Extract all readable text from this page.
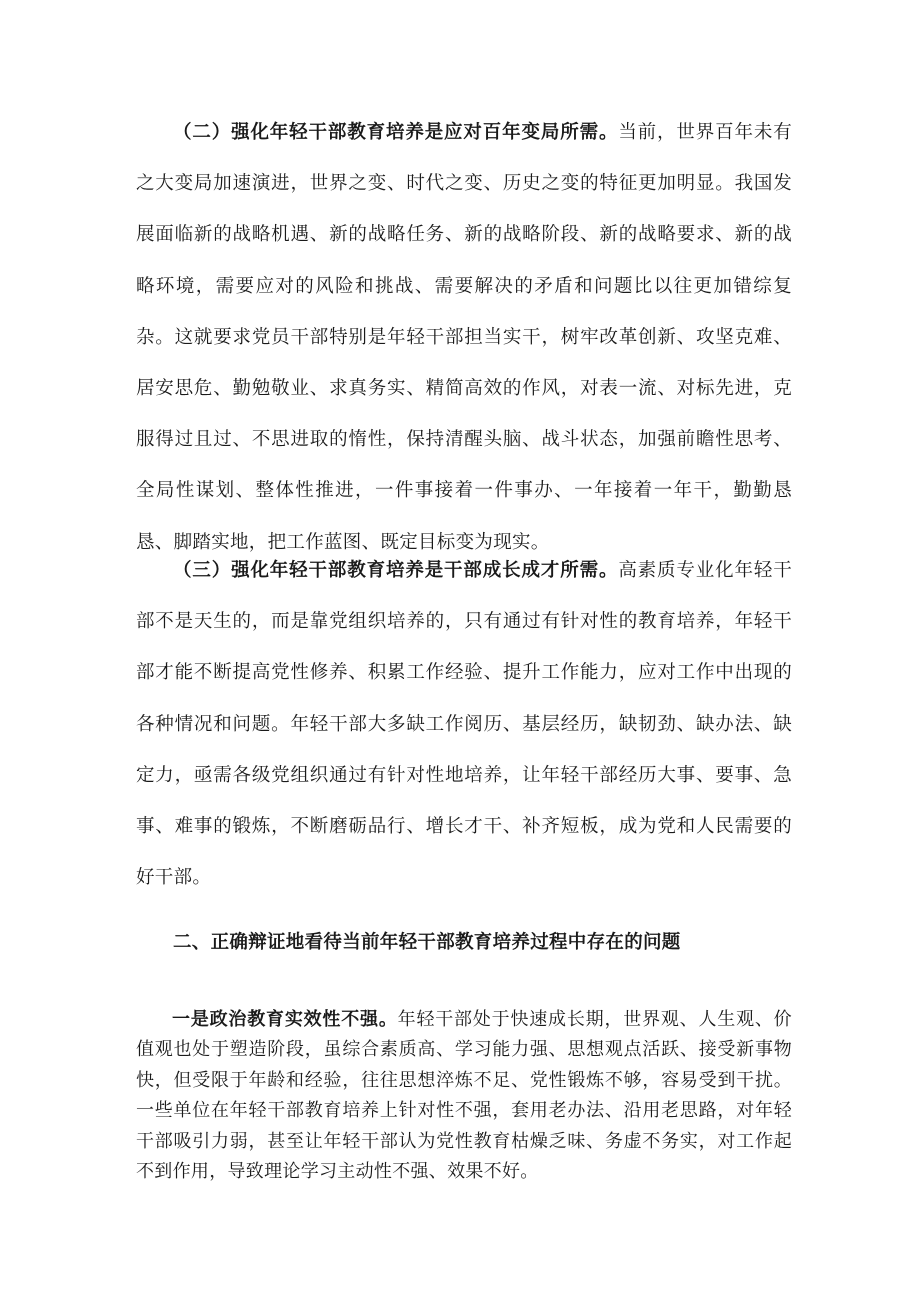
（二）强化年轻干部教育培养是应对百年变局所需。当前，世界百年未有之大变局加速演进，世界之变、时代之变、历史之变的特征更加明显。我国发展面临新的战略机遇、新的战略任务、新的战略阶段、新的战略要求、新的战略环境，需要应对的风险和挑战、需要解决的矛盾和问题比以往更加错综复杂。这就要求党员干部特别是年轻干部担当实干，树牢改革创新、攻坚克难、居安思危、勤勉敬业、求真务实、精简高效的作风，对表一流、对标先进，克服得过且过、不思进取的惰性，保持清醒头脑、战斗状态，加强前瞻性思考、全局性谋划、整体性推进，一件事接着一件事办、一年接着一年干，勤勤恳恳、脚踏实地，把工作蓝图、既定目标变为现实。

（三）强化年轻干部教育培养是干部成长成才所需。高素质专业化年轻干部不是天生的，而是靠党组织培养的，只有通过有针对性的教育培养，年轻干部才能不断提高党性修养、积累工作经验、提升工作能力，应对工作中出现的各种情况和问题。年轻干部大多缺工作阅历、基层经历，缺韧劲、缺办法、缺定力，亟需各级党组织通过有针对性地培养，让年轻干部经历大事、要事、急事、难事的锻炼，不断磨砺品行、增长才干、补齐短板，成为党和人民需要的好干部。

二、正确辩证地看待当前年轻干部教育培养过程中存在的问题

一是政治教育实效性不强。年轻干部处于快速成长期，世界观、人生观、价值观也处于塑造阶段，虽综合素质高、学习能力强、思想观点活跃、接受新事物快，但受限于年龄和经验，往往思想淬炼不足、党性锻炼不够，容易受到干扰。一些单位在年轻干部教育培养上针对性不强，套用老办法、沿用老思路，对年轻干部吸引力弱，甚至让年轻干部认为党性教育枯燥乏味、务虚不务实，对工作起不到作用，导致理论学习主动性不强、效果不好。
